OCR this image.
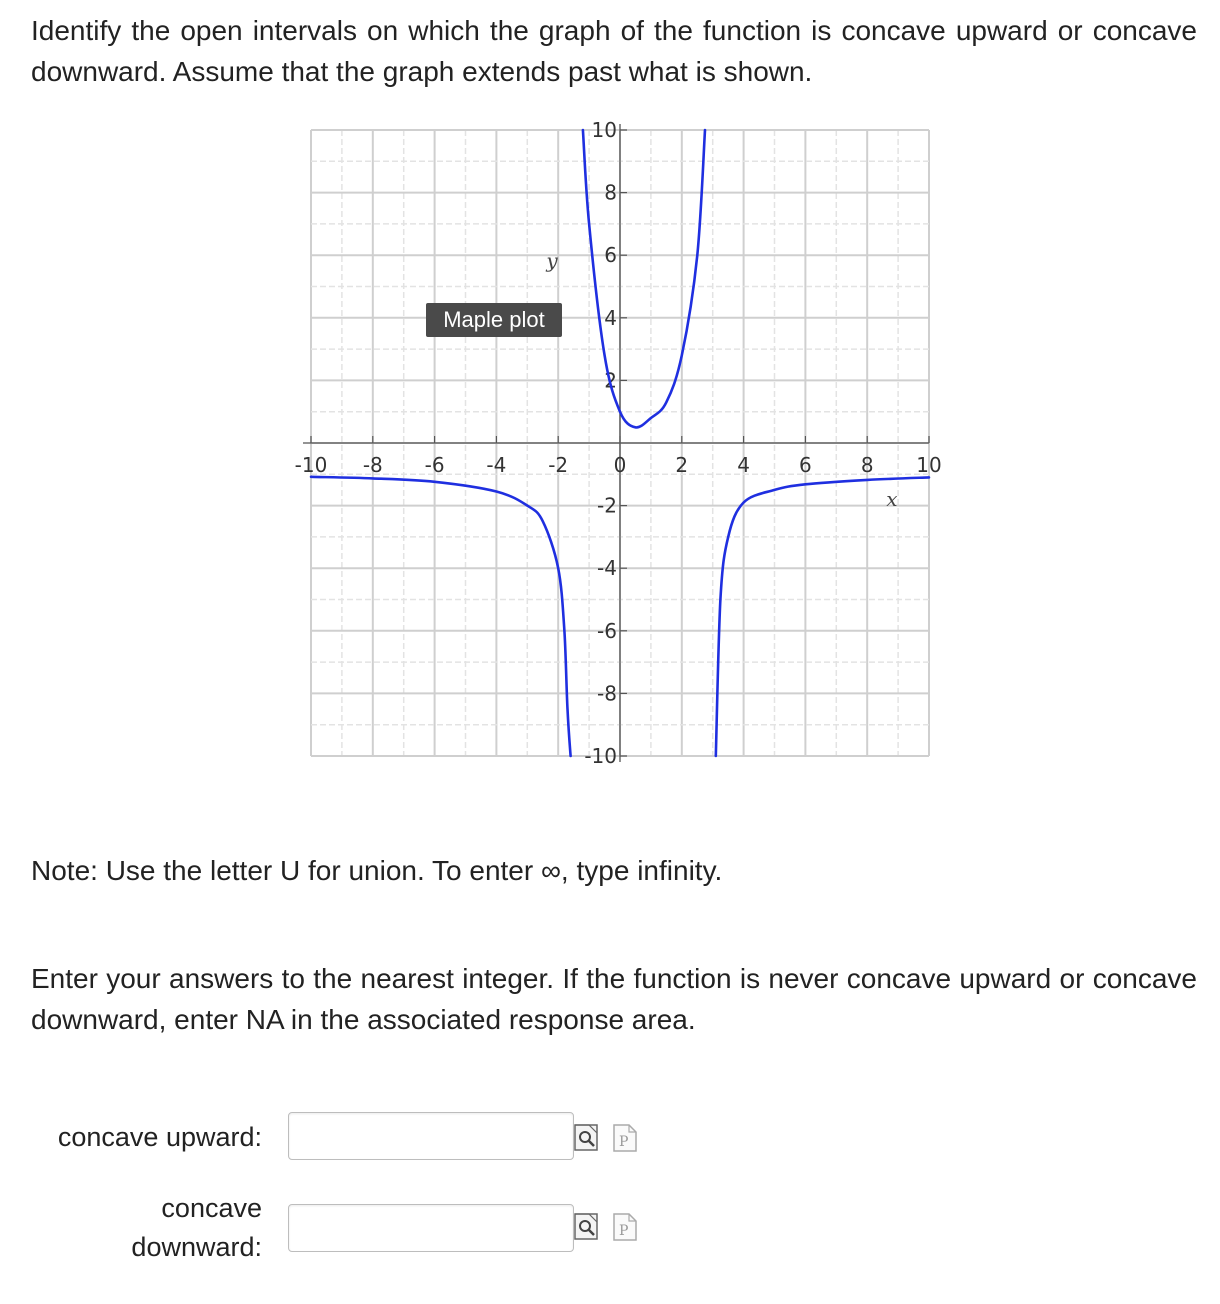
Identify the open intervals on which the graph of the function is concave upward or concave downward. Assume that the graph extends past what is shown.
-10 -8 -6 -4 -2 0 2 4 6 8 10
-10
-8
-6
-4
-2
2
4
6
8
10
x
y
Maple plot
Note: Use the letter U for union. To enter ∞, type infinity.
Enter your answers to the nearest integer. If the function is never concave upward or concave downward, enter NA in the associated response area.
concave upward:	P
concave downward:
P
